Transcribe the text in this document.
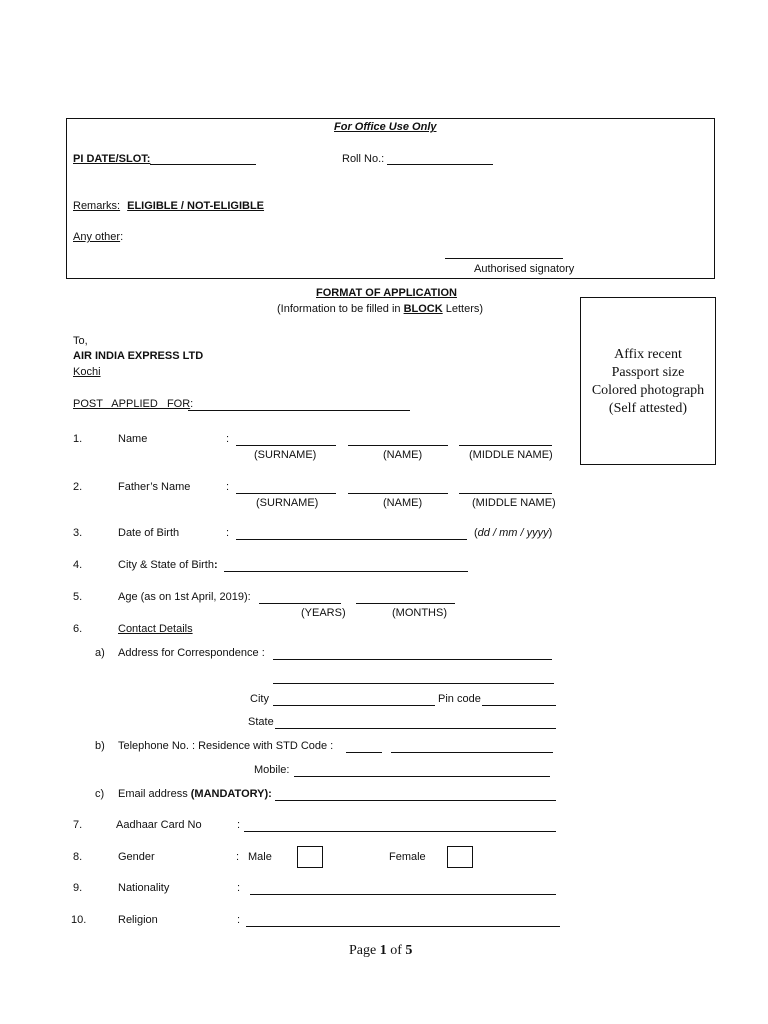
For Office Use Only
PI DATE/SLOT:	Roll No.:
Remarks: ELIGIBLE / NOT-ELIGIBLE
Any other:
Authorised signatory
FORMAT OF APPLICATION
(Information to be filled in BLOCK Letters)
Affix recent
Passport size
Colored photograph
(Self attested)
To,
AIR INDIA EXPRESS LTD
Kochi
POST   APPLIED   FOR:
1.	Name	:
(SURNAME)	(NAME)	(MIDDLE NAME)
2.	Father’s Name	:
(SURNAME)	(NAME)	(MIDDLE NAME)
3.	Date of Birth	:	(dd / mm / yyyy)
4.	City & State of Birth:
5.	Age (as on 1st April, 2019):
(YEARS)	(MONTHS)
6.	Contact Details
a) Address for Correspondence :
City	Pin code
State
b) Telephone No. : Residence with STD Code :
Mobile:
c) Email address (MANDATORY):
7.	Aadhaar Card No	:
8.	Gender	: Male	Female
9.	Nationality	:
10.	Religion	:
Page 1 of 5
